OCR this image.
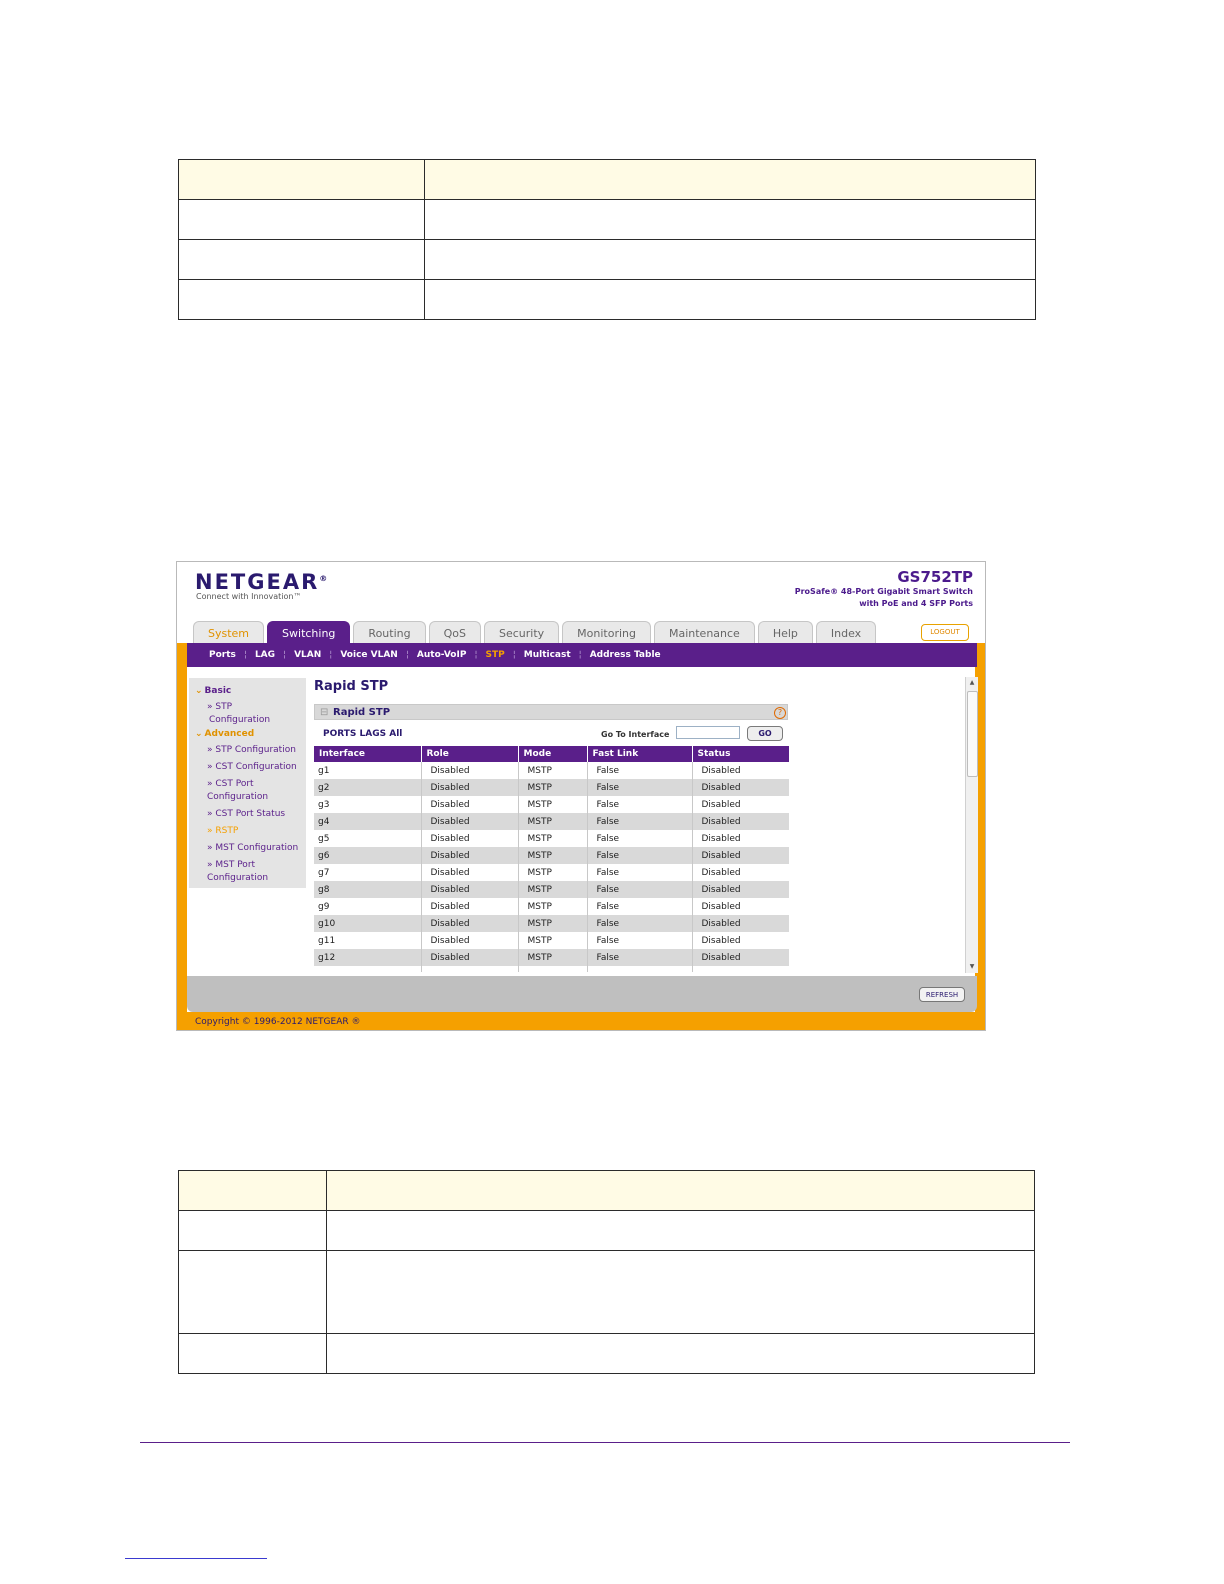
NETGEAR®
Connect with Innovation™
GS752TP
ProSafe® 48-Port Gigabit Smart Switch
with PoE and 4 SFP Ports
System	Switching	Routing	QoS	Security	Monitoring	Maintenance	Help	Index	LOGOUT
Ports ¦ LAG ¦ VLAN ¦ Voice VLAN ¦ Auto-VoIP ¦ STP ¦ Multicast ¦ Address Table
⌄ Basic
» STP
Configuration
⌄ Advanced
» STP Configuration
» CST Configuration
» CST Port
Configuration
» CST Port Status
» RSTP
» MST Configuration
» MST Port
Configuration
Rapid STP
⊟ Rapid STP	?
PORTS LAGS All	Go To Interface	GO
Interface	Role	Mode	Fast Link	Status
g1	Disabled	MSTP	False	Disabled
g2	Disabled	MSTP	False	Disabled
g3	Disabled	MSTP	False	Disabled
g4	Disabled	MSTP	False	Disabled
g5	Disabled	MSTP	False	Disabled
g6	Disabled	MSTP	False	Disabled
g7	Disabled	MSTP	False	Disabled
g8	Disabled	MSTP	False	Disabled
g9	Disabled	MSTP	False	Disabled
g10	Disabled	MSTP	False	Disabled
g11	Disabled	MSTP	False	Disabled
g12	Disabled	MSTP	False	Disabled

▲
▼
REFRESH
Copyright © 1996-2012 NETGEAR ®
